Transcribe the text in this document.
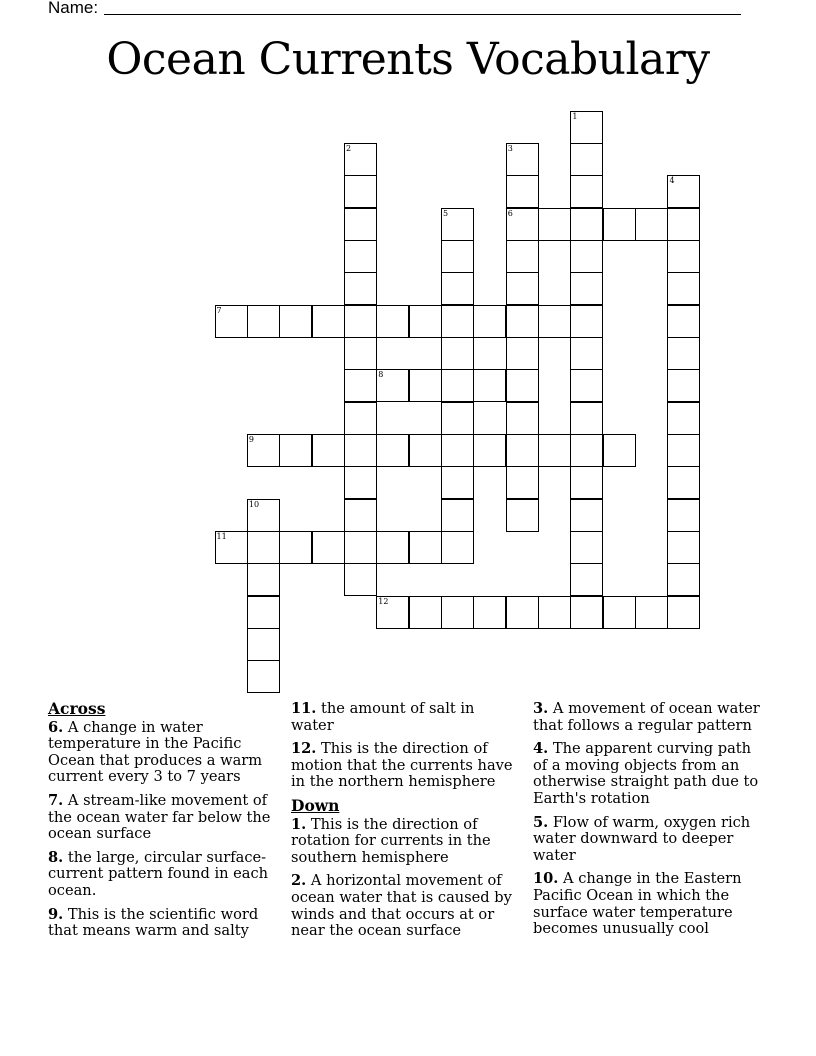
Name:
Ocean Currents Vocabulary
1
2	3
6
4
5
7
8
9
10
11
12
Across
6. A change in water temperature in the Pacific Ocean that produces a warm current every 3 to 7 years
7. A stream-like movement of the ocean water far below the ocean surface
8. the large, circular surface-current pattern found in each ocean.
9. This is the scientific word that means warm and salty
11. the amount of salt in water
12. This is the direction of motion that the currents have in the northern hemisphere
Down
1. This is the direction of rotation for currents in the southern hemisphere
2. A horizontal movement of ocean water that is caused by winds and that occurs at or near the ocean surface
3. A movement of ocean water that follows a regular pattern
4. The apparent curving path of a moving objects from an otherwise straight path due to Earth's rotation
5. Flow of warm, oxygen rich water downward to deeper water
10. A change in the Eastern Pacific Ocean in which the surface water temperature becomes unusually cool
